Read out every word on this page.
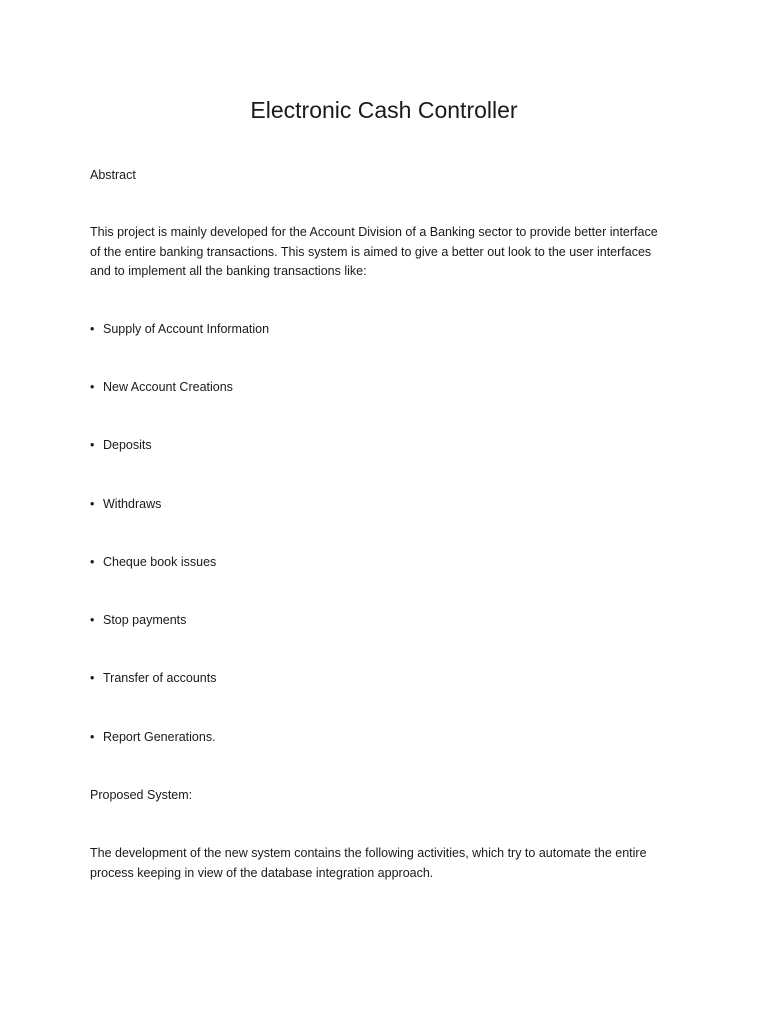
Electronic Cash Controller
Abstract
This project is mainly developed for the Account Division of a Banking sector to provide better interface
of the entire banking transactions. This system is aimed to give a better out look to the user interfaces
and to implement all the banking transactions like:
• Supply of Account Information
• New Account Creations
• Deposits
• Withdraws
• Cheque book issues
• Stop payments
• Transfer of accounts
• Report Generations.
Proposed System:
The development of the new system contains the following activities, which try to automate the entire
process keeping in view of the database integration approach.
